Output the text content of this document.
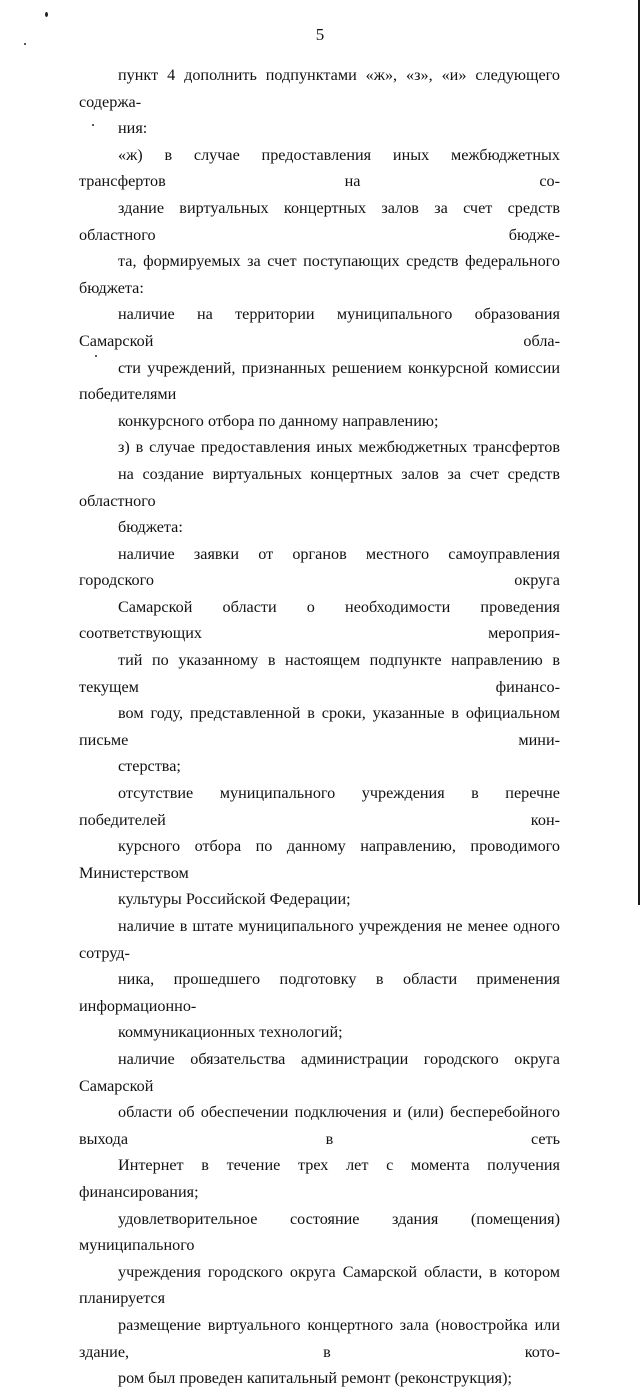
5

пункт 4 дополнить подпунктами «ж», «з», «и» следующего содержа-
ния:

«ж) в случае предоставления иных межбюджетных трансфертов на со-
здание виртуальных концертных залов за счет средств областного бюдже-
та, формируемых за счет поступающих средств федерального бюджета:

наличие на территории муниципального образования Самарской обла-
сти учреждений, признанных решением конкурсной комиссии победителями
конкурсного отбора по данному направлению;

з) в случае предоставления иных межбюджетных трансфертов
на создание виртуальных концертных залов за счет средств областного
бюджета:

наличие заявки от органов местного самоуправления городского округа
Самарской области о необходимости проведения соответствующих мероприя-
тий по указанному в настоящем подпункте направлению в текущем финансо-
вом году, представленной в сроки, указанные в официальном письме мини-
стерства;

отсутствие муниципального учреждения в перечне победителей кон-
курсного отбора по данному направлению, проводимого Министерством
культуры Российской Федерации;

наличие в штате муниципального учреждения не менее одного сотруд-
ника, прошедшего подготовку в области применения информационно-
коммуникационных технологий;

наличие обязательства администрации городского округа Самарской
области об обеспечении подключения и (или) бесперебойного выхода в сеть
Интернет в течение трех лет с момента получения финансирования;

удовлетворительное состояние здания (помещения) муниципального
учреждения городского округа Самарской области, в котором планируется
размещение виртуального концертного зала (новостройка или здание, в кото-
ром был проведен капитальный ремонт (реконструкция);
